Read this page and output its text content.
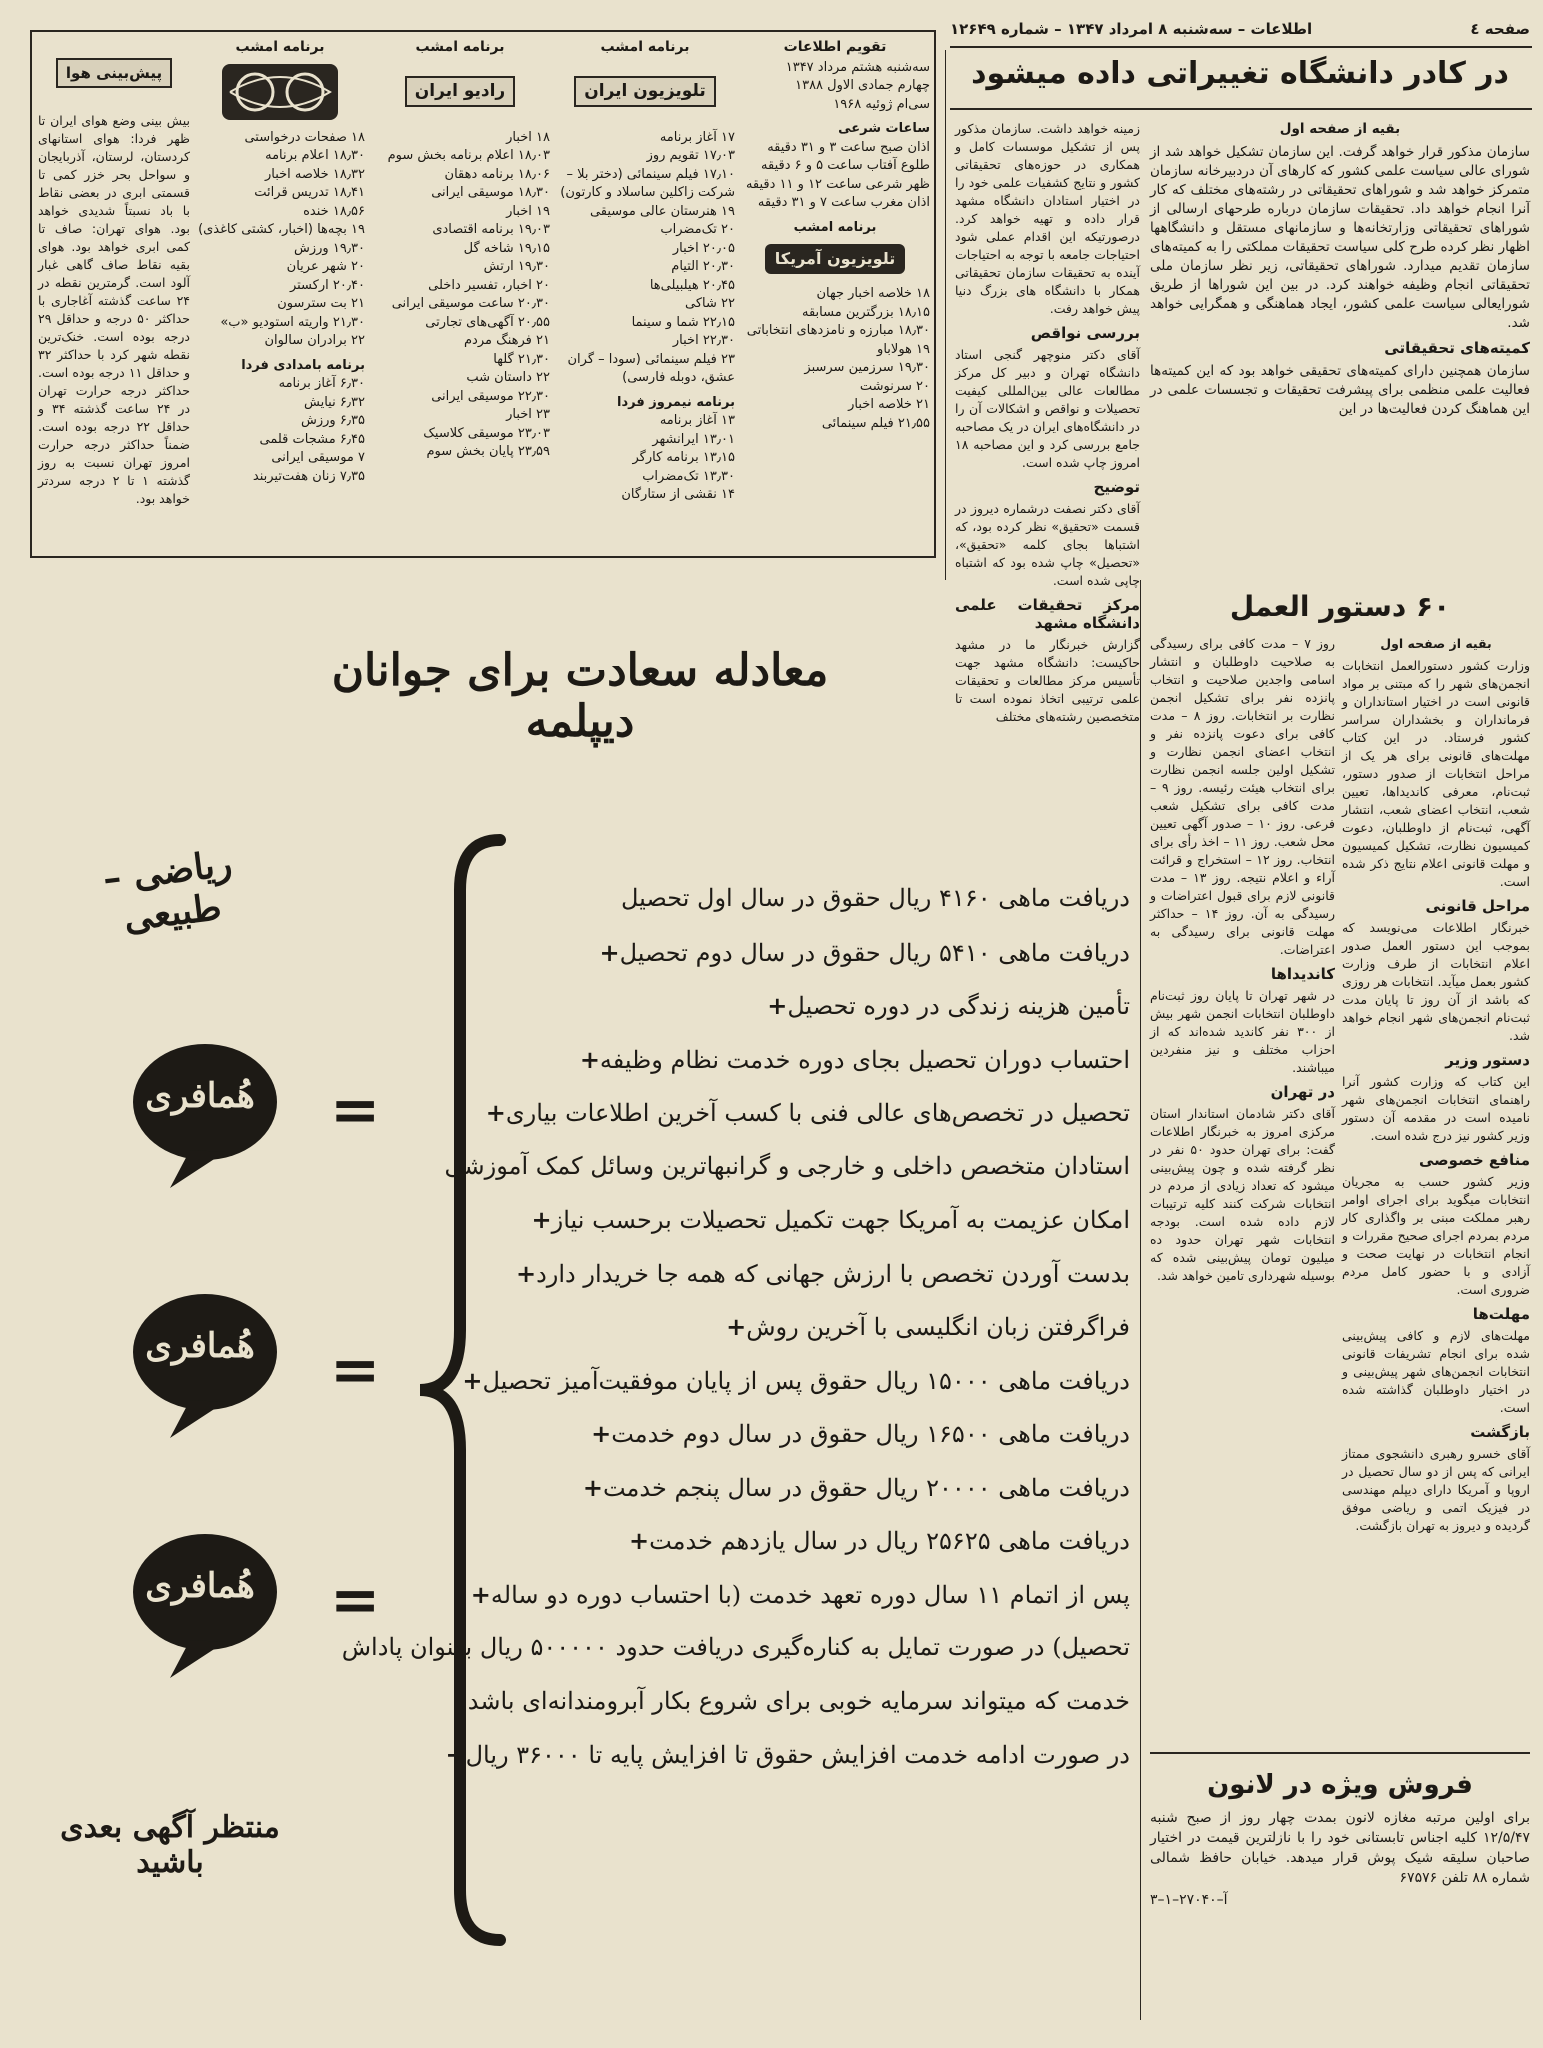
صفحه ٤
اطلاعات – سه‌شنبه ۸ امرداد ۱۳۴۷ – شماره ۱۲۶۴۹
در کادر دانشگاه تغییراتی داده میشود
بقیه از صفحه اول

سازمان مذکور قرار خواهد گرفت. این سازمان تشکیل خواهد شد از شورای عالی سیاست علمی کشور که کارهای آن دردبیرخانه سازمان متمرکز خواهد شد و شوراهای تحقیقاتی در رشته‌های مختلف که کار آنرا انجام خواهد داد. تحقیقات سازمان درباره طرحهای ارسالی از شوراهای تحقیقاتی وزارتخانه‌ها و سازمانهای مستقل و دانشگاهها اظهار نظر کرده طرح کلی سیاست تحقیقات مملکتی را به کمیته‌های سازمان تقدیم میدارد. شوراهای تحقیقاتی، زیر نظر سازمان ملی تحقیقاتی انجام وظیفه خواهند کرد. در بین این شوراها از طریق شورایعالی سیاست علمی کشور، ایجاد هماهنگی و همگرایی خواهد شد.

کمیته‌های تحقیقاتی

سازمان همچنین دارای کمیته‌های تحقیقی خواهد بود که این کمیته‌ها فعالیت علمی منظمی برای پیشرفت تحقیقات و تجسسات علمی در این هماهنگ کردن فعالیت‌ها در این

زمینه خواهد داشت. سازمان مذکور پس از تشکیل موسسات کامل و همکاری در حوزه‌های تحقیقاتی کشور و نتایج کشفیات علمی خود را در اختیار استادان دانشگاه مشهد قرار داده و تهیه خواهد کرد. درصورتیکه این اقدام عملی شود احتیاجات جامعه با توجه به احتیاجات آینده به تحقیقات سازمان تحقیقاتی همکار با دانشگاه های بزرگ دنیا پیش خواهد رفت.

بررسی نواقص

آقای دکتر منوچهر گنجی استاد دانشگاه تهران و دبیر کل مرکز مطالعات عالی بین‌المللی کیفیت تحصیلات و نواقص و اشکالات آن را در دانشگاه‌های ایران در یک مصاحبه جامع بررسی کرد و این مصاحبه ۱۸ امروز چاپ شده است.

توضیح

آقای دکتر نصفت درشماره دیروز در قسمت «تحقیق» نظر کرده بود، که اشتباها بجای کلمه «تحقیق»، «تحصیل» چاپ شده بود که اشتباه چاپی شده است.

مرکز تحقیقات علمی دانشگاه مشهد

گزارش خبرنگار ما در مشهد حاکیست: دانشگاه مشهد جهت تأسیس مرکز مطالعات و تحقیقات علمی ترتیبی اتخاذ نموده است تا متخصصین رشته‌های مختلف

تقویم اطلاعات
سه‌شنبه هشتم مرداد ۱۳۴۷
چهارم جمادی الاول ۱۳۸۸
سی‌ام ژوئیه ۱۹۶۸
ساعات شرعی
اذان صبح ساعت ۳ و ۳۱ دقیقه
طلوع آفتاب ساعت ۵ و ۶ دقیقه
ظهر شرعی ساعت ۱۲ و ۱۱ دقیقه
اذان مغرب ساعت ۷ و ۳۱ دقیقه
برنامه امشب
تلویزیون آمریکا
۱۸ خلاصه اخبار جهان
۱۸٫۱۵ بزرگترین مسابقه
۱۸٫۳۰ مبارزه و نامزدهای انتخاباتی
۱۹ هولاباو
۱۹٫۳۰ سرزمین سرسبز
۲۰ سرنوشت
۲۱ خلاصه اخبار
۲۱٫۵۵ فیلم سینمائی
برنامه امشب
تلویزیون ایران
۱۷ آغاز برنامه
۱۷٫۰۳ تقویم روز
۱۷٫۱۰ فیلم سینمائی (دختر بلا – شرکت زاکلین ساسلاد و کارتون)
۱۹ هنرستان عالی موسیقی
۲۰ تک‌مضراب
۲۰٫۰۵ اخبار
۲۰٫۳۰ التیام
۲۰٫۴۵ هیلبیلی‌ها
۲۲ شاکی
۲۲٫۱۵ شما و سینما
۲۲٫۳۰ اخبار
۲۳ فیلم سینمائی (سودا – گران عشق، دوبله فارسی)
برنامه نیمروز فردا
۱۳ آغاز برنامه
۱۳٫۰۱ ایرانشهر
۱۳٫۱۵ برنامه کارگر
۱۳٫۳۰ تک‌مضراب
۱۴ نقشی از ستارگان
برنامه امشب
رادیو ایران
۱۸ اخبار
۱۸٫۰۳ اعلام برنامه بخش سوم
۱۸٫۰۶ برنامه دهقان
۱۸٫۳۰ موسیقی ایرانی
۱۹ اخبار
۱۹٫۰۳ برنامه اقتصادی
۱۹٫۱۵ شاخه گل
۱۹٫۳۰ ارتش
۲۰ اخبار، تفسیر داخلی
۲۰٫۳۰ ساعت موسیقی ایرانی
۲۰٫۵۵ آگهی‌های تجارتی
۲۱ فرهنگ مردم
۲۱٫۳۰ گلها
۲۲ داستان شب
۲۲٫۳۰ موسیقی ایرانی
۲۳ اخبار
۲۳٫۰۳ موسیقی کلاسیک
۲۳٫۵۹ پایان بخش سوم
برنامه امشب
۱۸ صفحات درخواستی
۱۸٫۳۰ اعلام برنامه
۱۸٫۳۲ خلاصه اخبار
۱۸٫۴۱ تدریس قرائت
۱۸٫۵۶ خنده
۱۹ بچه‌ها (اخبار، کشتی کاغذی)
۱۹٫۳۰ ورزش
۲۰ شهر عریان
۲۰٫۴۰ ارکستر
۲۱ بت سترسون
۲۱٫۳۰ واریته استودیو «ب»
۲۲ برادران سالوان
برنامه بامدادی فردا
۶٫۳۰ آغاز برنامه
۶٫۳۲ نیایش
۶٫۳۵ ورزش
۶٫۴۵ مشجات قلمی
۷ موسیقی ایرانی
۷٫۳۵ زنان هفت‌تیربند
پیش‌بینی هوا
بیش بینی وضع هوای ایران تا ظهر فردا: هوای استانهای کردستان، لرستان، آذربایجان و سواحل بحر خزر کمی تا قسمتی ابری در بعضی نقاط با باد نسبتاً شدیدی خواهد بود. هوای تهران: صاف تا کمی ابری خواهد بود. هوای بقیه نقاط صاف گاهی غبار آلود است. گرمترین نقطه در ۲۴ ساعت گذشته آغاجاری با حداکثر ۵۰ درجه و حداقل ۲۹ درجه بوده است. خنک‌ترین نقطه شهر کرد با حداکثر ۳۲ و حداقل ۱۱ درجه بوده است. حداکثر درجه حرارت تهران در ۲۴ ساعت گذشته ۳۴ و حداقل ۲۲ درجه بوده است. ضمناً حداکثر درجه حرارت امروز تهران نسبت به روز گذشته ۱ تا ۲ درجه سردتر خواهد بود.
معادله سعادت برای جوانان دیپلمه
ریاضی – طبیعی	دریافت ماهی ۴۱۶۰ ریال حقوق در سال اول تحصیل
دریافت ماهی ۵۴۱۰ ریال حقوق در سال دوم تحصیل+
تأمین هزینه زندگی در دوره تحصیل+
احتساب دوران تحصیل بجای دوره خدمت نظام وظیفه+
تحصیل در تخصص‌های عالی فنی با کسب آخرین اطلاعات بیاری+
استادان متخصص داخلی و خارجی و گرانبهاترین وسائل کمک آموزشی
امکان عزیمت به آمریکا جهت تکمیل تحصیلات برحسب نیاز+
بدست آوردن تخصص با ارزش جهانی که همه جا خریدار دارد+
فراگرفتن زبان انگلیسی با آخرین روش+
دریافت ماهی ۱۵۰۰۰ ریال حقوق پس از پایان موفقیت‌آمیز تحصیل+
دریافت ماهی ۱۶۵۰۰ ریال حقوق در سال دوم خدمت+
دریافت ماهی ۲۰۰۰۰ ریال حقوق در سال پنجم خدمت+
دریافت ماهی ۲۵۶۲۵ ریال در سال یازدهم خدمت+
پس از اتمام ۱۱ سال دوره تعهد خدمت (با احتساب دوره دو ساله+
تحصیل) در صورت تمایل به کناره‌گیری دریافت حدود ۵۰۰۰۰۰ ریال بعنوان پاداش
خدمت که میتواند سرمایه خوبی برای شروع بکار آبرومندانه‌ای باشد.
در صورت ادامه خدمت افزایش حقوق تا افزایش پایه تا ۳۶۰۰۰ ریال+
هُمافری
هُمافری
هُمافری
=
=
=
منتظر آگهی بعدی باشید
۶۰ دستور العمل
بقیه از صفحه اول

وزارت کشور دستورالعمل انتخابات انجمن‌های شهر را که مبتنی بر مواد قانونی است در اختیار استانداران و فرمانداران و بخشداران سراسر کشور فرستاد. در این کتاب مهلت‌های قانونی برای هر یک از مراحل انتخابات از صدور دستور، ثبت‌نام، معرفی کاندیداها، تعیین شعب، انتخاب اعضای شعب، انتشار آگهی، ثبت‌نام از داوطلبان، دعوت کمیسیون نظارت، تشکیل کمیسیون و مهلت قانونی اعلام نتایج ذکر شده است.

مراحل قانونی

خبرنگار اطلاعات می‌نویسد که بموجب این دستور العمل صدور اعلام انتخابات از طرف وزارت کشور بعمل میآید. انتخابات هر روزی که باشد از آن روز تا پایان مدت ثبت‌نام انجمن‌های شهر انجام خواهد شد.

دستور وزیر

این کتاب که وزارت کشور آنرا راهنمای انتخابات انجمن‌های شهر نامیده است در مقدمه آن دستور وزیر کشور نیز درج شده است.

منافع خصوصی

وزیر کشور حسب به مجریان انتخابات میگوید برای اجرای اوامر رهبر مملکت مبنی بر واگذاری کار مردم بمردم اجرای صحیح مقررات و انجام انتخابات در نهایت صحت و آزادی و با حضور کامل مردم ضروری است.

مهلت‌ها

مهلت‌های لازم و کافی پیش‌بینی شده برای انجام تشریفات قانونی انتخابات انجمن‌های شهر پیش‌بینی و در اختیار داوطلبان گذاشته شده است.

بازگشت

آقای خسرو رهبری دانشجوی ممتاز ایرانی که پس از دو سال تحصیل در اروپا و آمریکا دارای دیپلم مهندسی در فیزیک اتمی و ریاضی موفق گردیده و دیروز به تهران بازگشت.

روز ۷ – مدت کافی برای رسیدگی به صلاحیت داوطلبان و انتشار اسامی واجدین صلاحیت و انتخاب پانزده نفر برای تشکیل انجمن نظارت بر انتخابات. روز ۸ – مدت کافی برای دعوت پانزده نفر و انتخاب اعضای انجمن نظارت و تشکیل اولین جلسه انجمن نظارت برای انتخاب هیئت رئیسه. روز ۹ – مدت کافی برای تشکیل شعب فرعی. روز ۱۰ – صدور آگهی تعیین محل شعب. روز ۱۱ – اخذ رأی برای انتخاب. روز ۱۲ – استخراج و قرائت آراء و اعلام نتیجه. روز ۱۳ – مدت قانونی لازم برای قبول اعتراضات و رسیدگی به آن. روز ۱۴ – حداکثر مهلت قانونی برای رسیدگی به اعتراضات.

کاندیداها

در شهر تهران تا پایان روز ثبت‌نام داوطلبان انتخابات انجمن شهر بیش از ۳۰۰ نفر کاندید شده‌اند که از احزاب مختلف و نیز منفردین میباشند.

در تهران

آقای دکتر شادمان استاندار استان مرکزی امروز به خبرنگار اطلاعات گفت: برای تهران حدود ۵۰ نفر در نظر گرفته شده و چون پیش‌بینی میشود که تعداد زیادی از مردم در انتخابات شرکت کنند کلیه ترتیبات لازم داده شده است. بودجه انتخابات شهر تهران حدود ده میلیون تومان پیش‌بینی شده که بوسیله شهرداری تامین خواهد شد.

فروش ویژه در لانون

برای اولین مرتبه مغازه لانون بمدت چهار روز از صبح شنبه ۱۲/۵/۴۷ کلیه اجناس تابستانی خود را با نازلترین قیمت در اختیار صاحبان سلیقه شیک پوش قرار میدهد. خیابان حافظ شمالی شماره ۸۸ تلفن ۶۷۵۷۶

آ–۲۷۰۴۰–۱–۳
